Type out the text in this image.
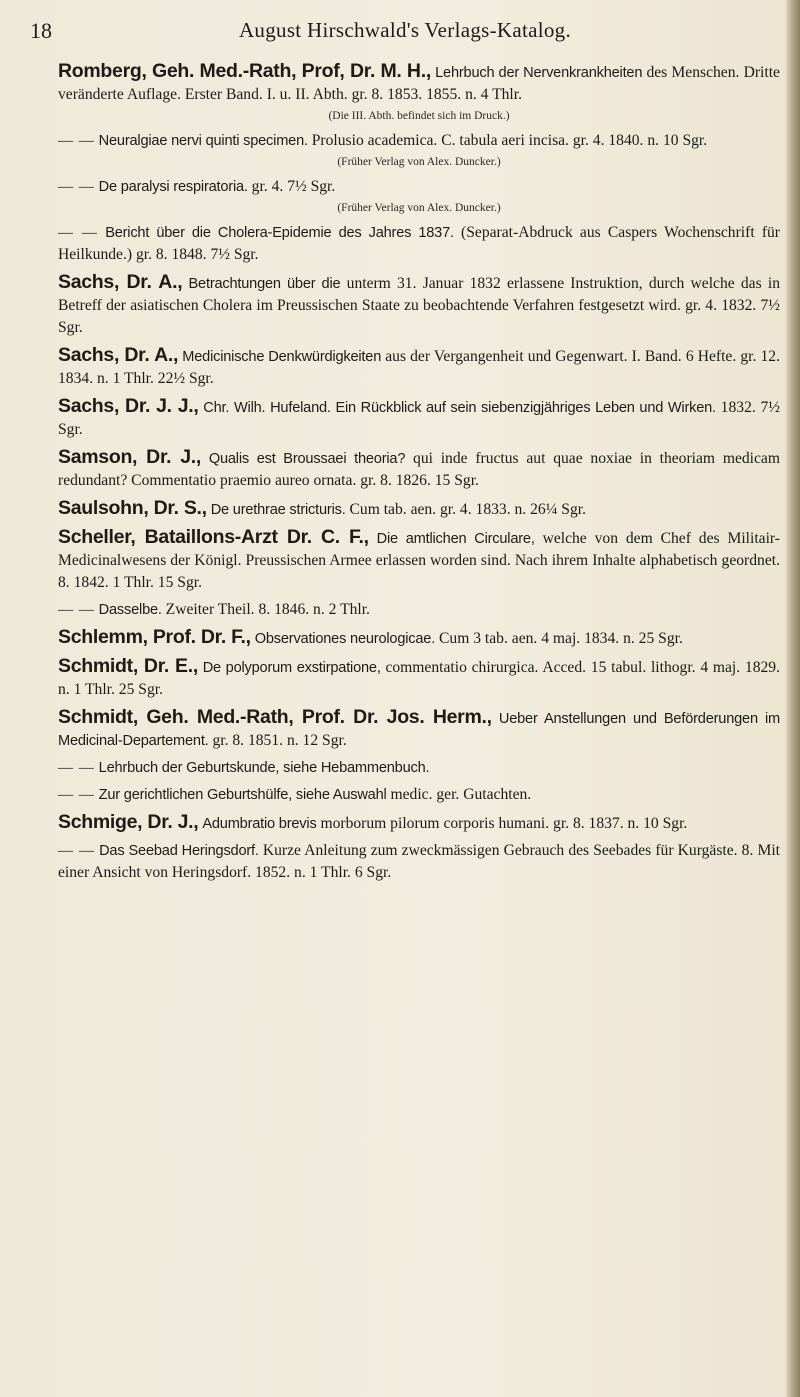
18	August Hirschwald's Verlags-Katalog.
Romberg, Geh. Med.-Rath, Prof, Dr. M. H., Lehrbuch der Nervenkrankheiten des Menschen. Dritte veränderte Auflage. Erster Band. I. u. II. Abth. gr. 8. 1853. 1855. n. 4 Thlr.
(Die III. Abth. befindet sich im Druck.)
— — Neuralgiae nervi quinti specimen. Prolusio academica. C. tabula aeri incisa. gr. 4. 1840. n. 10 Sgr.
(Früher Verlag von Alex. Duncker.)
— — De paralysi respiratoria. gr. 4. 7½ Sgr.
(Früher Verlag von Alex. Duncker.)
— — Bericht über die Cholera-Epidemie des Jahres 1837. (Separat-Abdruck aus Caspers Wochenschrift für Heilkunde.) gr. 8. 1848. 7½ Sgr.
Sachs, Dr. A., Betrachtungen über die unterm 31. Januar 1832 erlassene Instruktion, durch welche das in Betreff der asiatischen Cholera im Preussischen Staate zu beobachtende Verfahren festgesetzt wird. gr. 4. 1832. 7½ Sgr.
Sachs, Dr. A., Medicinische Denkwürdigkeiten aus der Vergangenheit und Gegenwart. I. Band. 6 Hefte. gr. 12. 1834. n. 1 Thlr. 22½ Sgr.
Sachs, Dr. J. J., Chr. Wilh. Hufeland. Ein Rückblick auf sein siebenzigjähriges Leben und Wirken. 1832. 7½ Sgr.
Samson, Dr. J., Qualis est Broussaei theoria? qui inde fructus aut quae noxiae in theoriam medicam redundant? Commentatio praemio aureo ornata. gr. 8. 1826. 15 Sgr.
Saulsohn, Dr. S., De urethrae stricturis. Cum tab. aen. gr. 4. 1833. n. 26¼ Sgr.
Scheller, Bataillons-Arzt Dr. C. F., Die amtlichen Circulare, welche von dem Chef des Militair-Medicinalwesens der Königl. Preussischen Armee erlassen worden sind. Nach ihrem Inhalte alphabetisch geordnet. 8. 1842. 1 Thlr. 15 Sgr.
— — Dasselbe. Zweiter Theil. 8. 1846. n. 2 Thlr.
Schlemm, Prof. Dr. F., Observationes neurologicae. Cum 3 tab. aen. 4 maj. 1834. n. 25 Sgr.
Schmidt, Dr. E., De polyporum exstirpatione, commentatio chirurgica. Acced. 15 tabul. lithogr. 4 maj. 1829. n. 1 Thlr. 25 Sgr.
Schmidt, Geh. Med.-Rath, Prof. Dr. Jos. Herm., Ueber Anstellungen und Beförderungen im Medicinal-Departement. gr. 8. 1851. n. 12 Sgr.
— — Lehrbuch der Geburtskunde, siehe Hebammenbuch.
— — Zur gerichtlichen Geburtshülfe, siehe Auswahl medic. ger. Gutachten.
Schmige, Dr. J., Adumbratio brevis morborum pilorum corporis humani. gr. 8. 1837. n. 10 Sgr.
— — Das Seebad Heringsdorf. Kurze Anleitung zum zweckmässigen Gebrauch des Seebades für Kurgäste. 8. Mit einer Ansicht von Heringsdorf. 1852. n. 1 Thlr. 6 Sgr.
